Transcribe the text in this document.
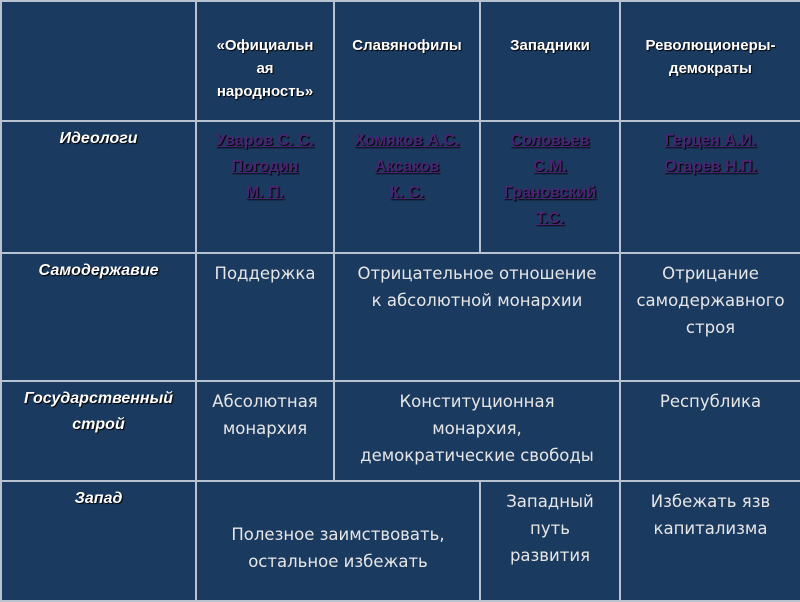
	«Официальн
ая
народность»	Славянофилы	Западники	Революционеры-
демократы

Идеологи	Уваров С. С.
Погодин
М. П.	Хомяков А.С.
Аксаков
К. С.	Соловьев
С.М.
Грановский
Т.С.	Герцен А.И.
Огарев Н.П.

Самодержавие	Поддержка	Отрицательное отношение
к абсолютной монархии		Отрицание
самодержавного
строя

Государственный
строй	Абсолютная
монархия	Конституционная
монархия,
демократические свободы		Республика

Запад	Полезное заимствовать,
остальное избежать		Западный
путь
развития	Избежать язв
капитализма
